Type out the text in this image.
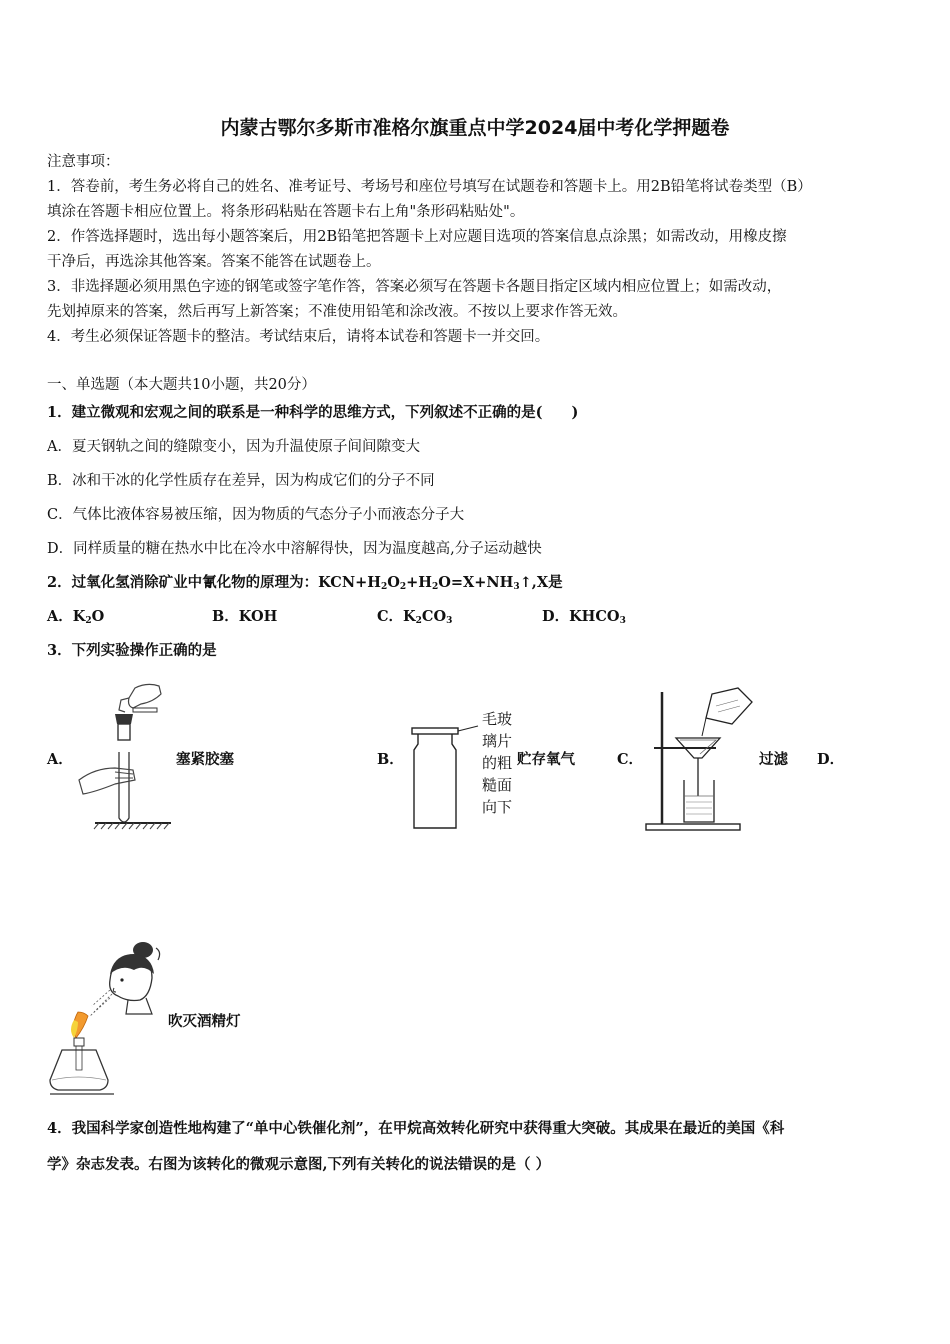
内蒙古鄂尔多斯市准格尔旗重点中学2024届中考化学押题卷
注意事项：
1．答卷前，考生务必将自己的姓名、准考证号、考场号和座位号填写在试题卷和答题卡上。用2B铅笔将试卷类型（B）
填涂在答题卡相应位置上。将条形码粘贴在答题卡右上角"条形码粘贴处"。
2．作答选择题时，选出每小题答案后，用2B铅笔把答题卡上对应题目选项的答案信息点涂黑；如需改动，用橡皮擦
干净后，再选涂其他答案。答案不能答在试题卷上。
3．非选择题必须用黑色字迹的钢笔或签字笔作答，答案必须写在答题卡各题目指定区域内相应位置上；如需改动，
先划掉原来的答案，然后再写上新答案；不准使用铅笔和涂改液。不按以上要求作答无效。
4．考生必须保证答题卡的整洁。考试结束后，请将本试卷和答题卡一并交回。
一、单选题（本大题共10小题，共20分）
1．建立微观和宏观之间的联系是一种科学的思维方式，下列叙述不正确的是(　　)
A．夏天钢轨之间的缝隙变小，因为升温使原子间间隙变大
B．冰和干冰的化学性质存在差异，因为构成它们的分子不同
C．气体比液体容易被压缩，因为物质的气态分子小而液态分子大
D．同样质量的糖在热水中比在冷水中溶解得快，因为温度越高,分子运动越快
2．过氧化氢消除矿业中氰化物的原理为：$KCN+H_2O_2+H_2O=X+NH_3↑,X$是
A．$K_2O$	B．KOH	C．$K_2CO_3$	D．$KHCO_3$
3．下列实验操作正确的是
A．	塞紧胶塞	B．
毛玻璃片的粗糙面向下
贮存氧气	C．	过滤 D．
吹灭酒精灯
4．我国科学家创造性地构建了“单中心铁催化剂”，在甲烷高效转化研究中获得重大突破。其成果在最近的美国《科
学》杂志发表。右图为该转化的微观示意图,下列有关转化的说法错误的是（ ）
